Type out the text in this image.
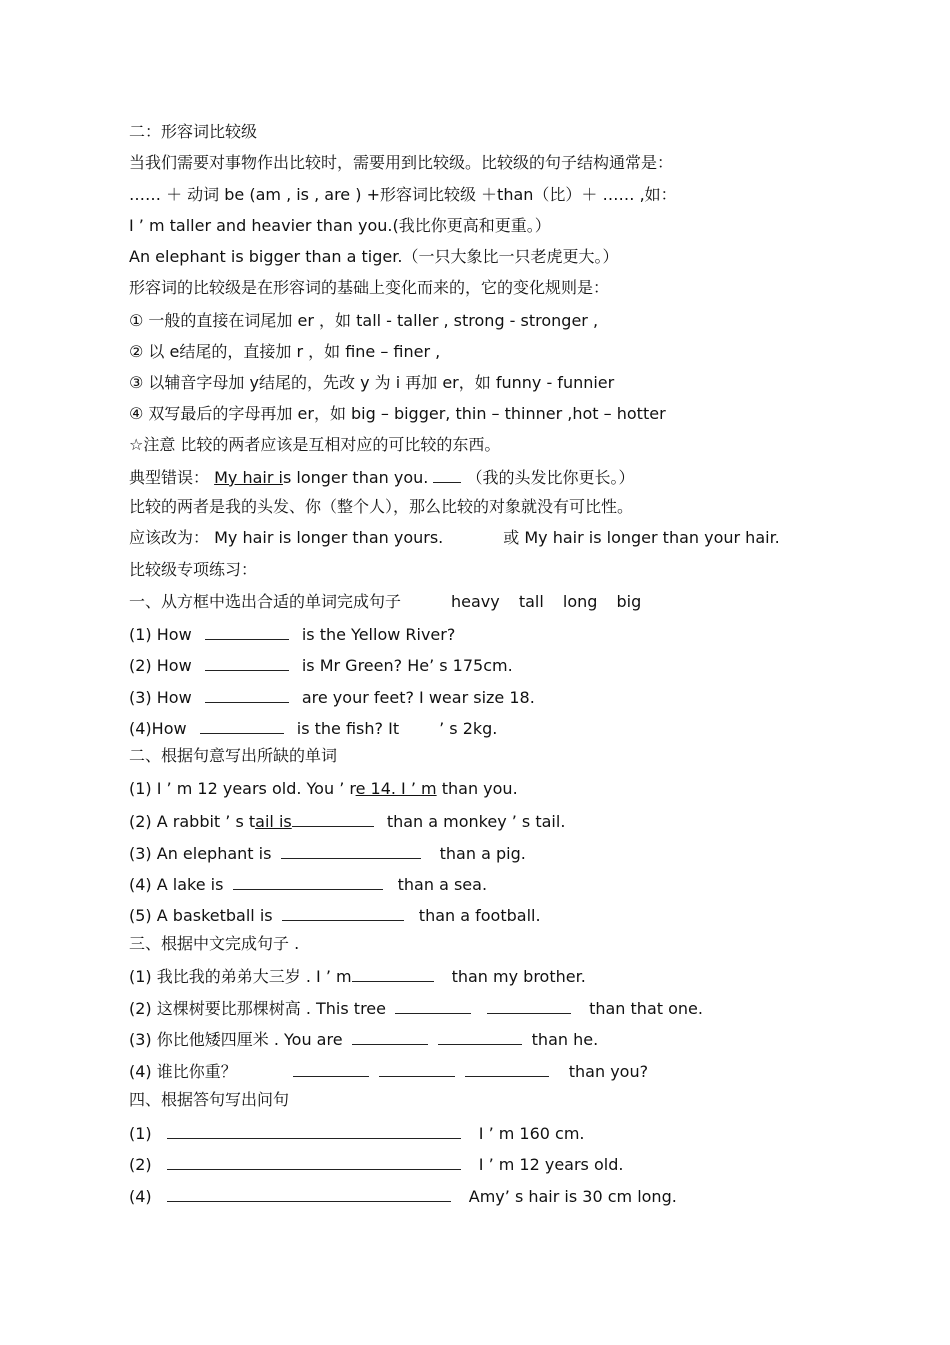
二：形容词比较级
当我们需要对事物作出比较时，需要用到比较级。比较级的句子结构通常是：
…… ＋ 动词 be (am , is , are ) +形容词比较级 ＋than（比）＋ …… ,如：
I ’ m taller and heavier than you.(我比你更高和更重。）
An elephant is bigger than a tiger.（一只大象比一只老虎更大。）
形容词的比较级是在形容词的基础上变化而来的，它的变化规则是：
① 一般的直接在词尾加 er ，如 tall - taller , strong - stronger ,
② 以 e结尾的，直接加 r ，如 fine – finer ,
③ 以辅音字母加 y结尾的，先改 y 为 i 再加 er，如 funny - funnier
④ 双写最后的字母再加 er，如 big – bigger, thin – thinner ,hot – hotter
☆注意 比较的两者应该是互相对应的可比较的东西。
典型错误： My hair is longer than you. （我的头发比你更长。）
比较的两者是我的头发、你（整个人），那么比较的对象就没有可比性。
应该改为： My hair is longer than yours.	或 My hair is longer than your hair.
比较级专项练习：
一、从方框中选出合适的单词完成句子	heavy tall long big
(1) How	is the Yellow River?
(2) How	is Mr Green? He’ s 175cm.
(3) How	are your feet? I wear size 18.
(4)How	is the fish? It	’ s 2kg.
二、根据句意写出所缺的单词
(1) I ’ m 12 years old. You ’ re 14. I ’ m than you.
(2) A rabbit ’ s tail is	than a monkey ’ s tail.
(3) An elephant is	than a pig.
(4) A lake is	than a sea.
(5) A basketball is	than a football.
三、根据中文完成句子 .
(1) 我比我的弟弟大三岁 . I ’ m	than my brother.
(2) 这棵树要比那棵树高 . This tree	than that one.
(3) 你比他矮四厘米 . You are	than he.
(4) 谁比你重？	than you?
四、根据答句写出问句
(1)	I ’ m 160 cm.
(2)	I ’ m 12 years old.
(4)	Amy’ s hair is 30 cm long.
